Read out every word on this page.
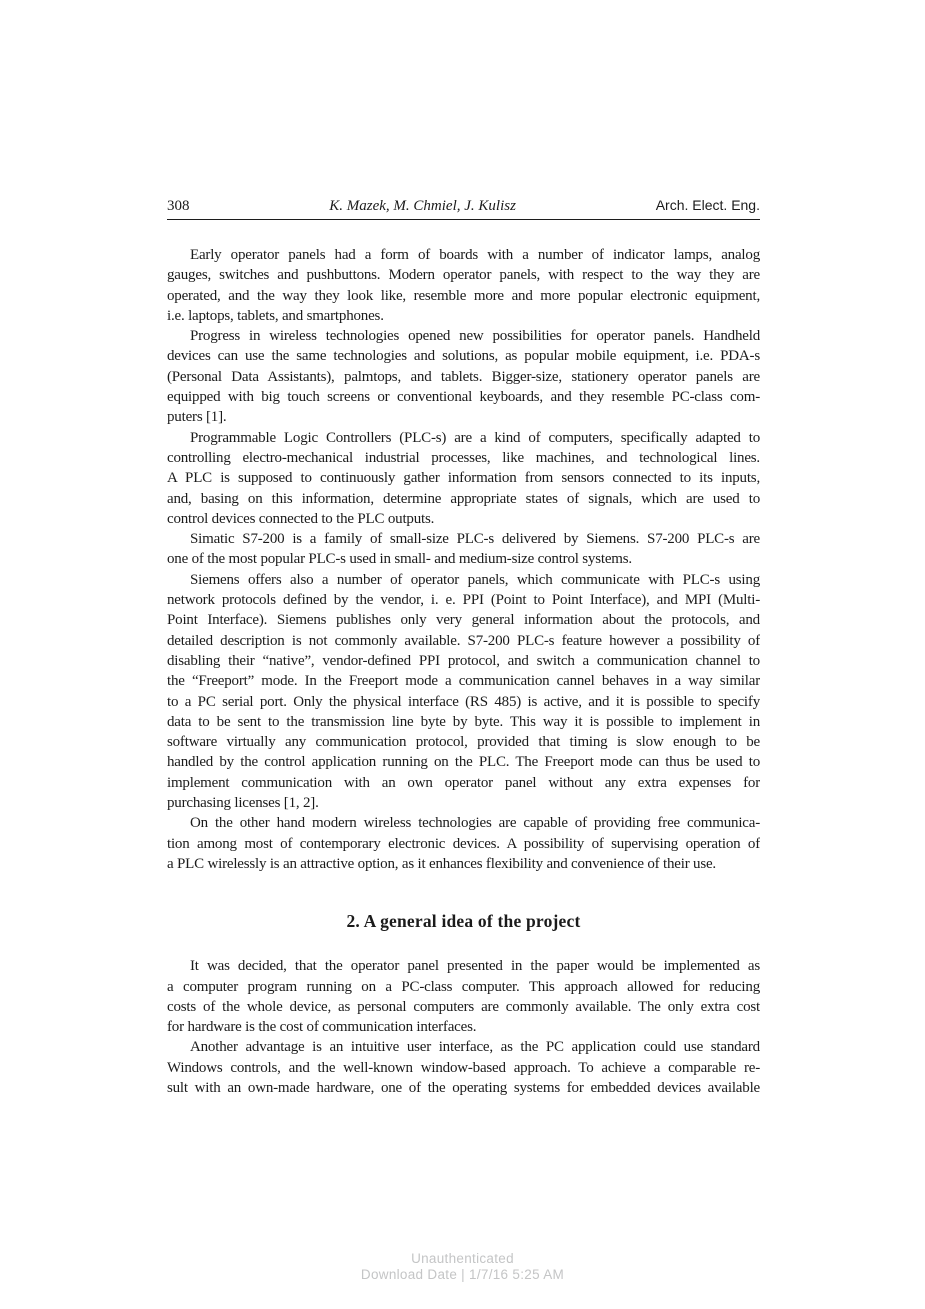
308	K. Mazek, M. Chmiel, J. Kulisz	Arch. Elect. Eng.

Early operator panels had a form of boards with a number of indicator lamps, analog
gauges, switches and pushbuttons. Modern operator panels, with respect to the way they are
operated, and the way they look like, resemble more and more popular electronic equipment,
i.e. laptops, tablets, and smartphones.

Progress in wireless technologies opened new possibilities for operator panels. Handheld
devices can use the same technologies and solutions, as popular mobile equipment, i.e. PDA-s
(Personal Data Assistants), palmtops, and tablets. Bigger-size, stationery operator panels are
equipped with big touch screens or conventional keyboards, and they resemble PC-class com-
puters [1].

Programmable Logic Controllers (PLC-s) are a kind of computers, specifically adapted to
controlling electro-mechanical industrial processes, like machines, and technological lines.
A PLC is supposed to continuously gather information from sensors connected to its inputs,
and, basing on this information, determine appropriate states of signals, which are used to
control devices connected to the PLC outputs.

Simatic S7-200 is a family of small-size PLC-s delivered by Siemens. S7-200 PLC-s are
one of the most popular PLC-s used in small- and medium-size control systems.

Siemens offers also a number of operator panels, which communicate with PLC-s using
network protocols defined by the vendor, i. e. PPI (Point to Point Interface), and MPI (Multi-
Point Interface). Siemens publishes only very general information about the protocols, and
detailed description is not commonly available. S7-200 PLC-s feature however a possibility of
disabling their “native”, vendor-defined PPI protocol, and switch a communication channel to
the “Freeport” mode. In the Freeport mode a communication cannel behaves in a way similar
to a PC serial port. Only the physical interface (RS 485) is active, and it is possible to specify
data to be sent to the transmission line byte by byte. This way it is possible to implement in
software virtually any communication protocol, provided that timing is slow enough to be
handled by the control application running on the PLC. The Freeport mode can thus be used to
implement communication with an own operator panel without any extra expenses for
purchasing licenses [1, 2].

On the other hand modern wireless technologies are capable of providing free communica-
tion among most of contemporary electronic devices. A possibility of supervising operation of
a PLC wirelessly is an attractive option, as it enhances flexibility and convenience of their use.

2. A general idea of the project

It was decided, that the operator panel presented in the paper would be implemented as
a computer program running on a PC-class computer. This approach allowed for reducing
costs of the whole device, as personal computers are commonly available. The only extra cost
for hardware is the cost of communication interfaces.

Another advantage is an intuitive user interface, as the PC application could use standard
Windows controls, and the well-known window-based approach. To achieve a comparable re-
sult with an own-made hardware, one of the operating systems for embedded devices available

Unauthenticated
Download Date | 1/7/16 5:25 AM
